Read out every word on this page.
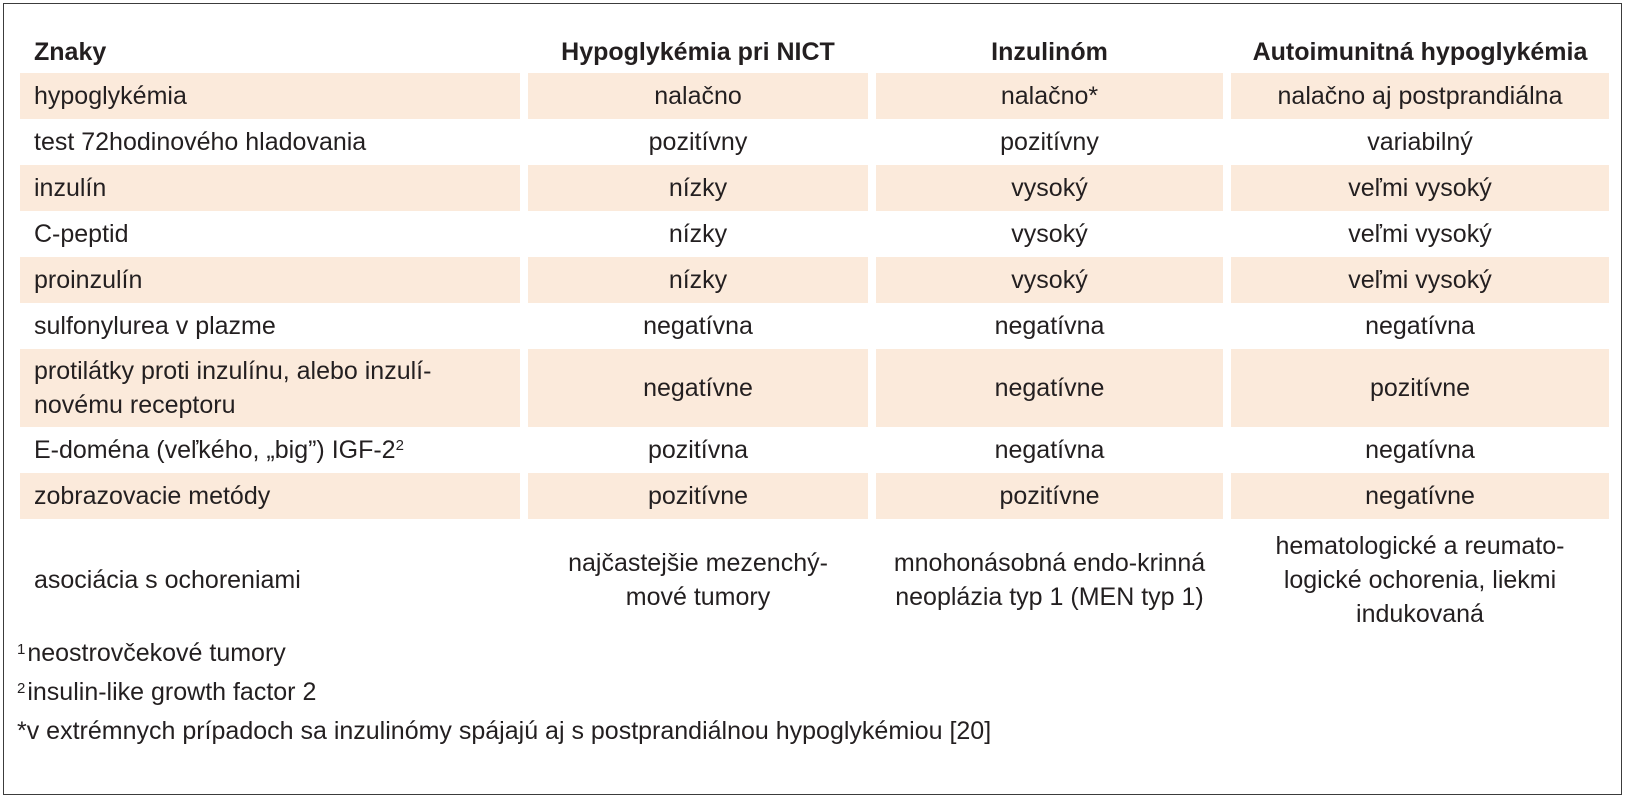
Znaky	Hypoglykémia pri NICT	Inzulinóm	Autoimunitná hypoglykémia
hypoglykémia	nalačno	nalačno*	nalačno aj postprandiálna
test 72hodinového hladovania	pozitívny	pozitívny	variabilný
inzulín	nízky	vysoký	veľmi vysoký
C-peptid	nízky	vysoký	veľmi vysoký
proinzulín	nízky	vysoký	veľmi vysoký
sulfonylurea v plazme	negatívna	negatívna	negatívna
protilátky proti inzulínu, alebo inzulí-novému receptoru	negatívne	negatívne	pozitívne
E-doména (veľkého, „big”) IGF-$2^2$	pozitívna	negatívna	negatívna
zobrazovacie metódy	pozitívne	pozitívne	negatívne
asociácia s ochoreniami	najčastejšie mezenchý-mové tumory	mnohonásobná endo-krinná neoplázia typ 1 (MEN typ 1)	hematologické a reumato-logické ochorenia, liekmi indukovaná
$^1$neostrovčekové tumory
$^2$insulin-like growth factor 2
*v extrémnych prípadoch sa inzulinómy spájajú aj s postprandiálnou hypoglykémiou [20]
